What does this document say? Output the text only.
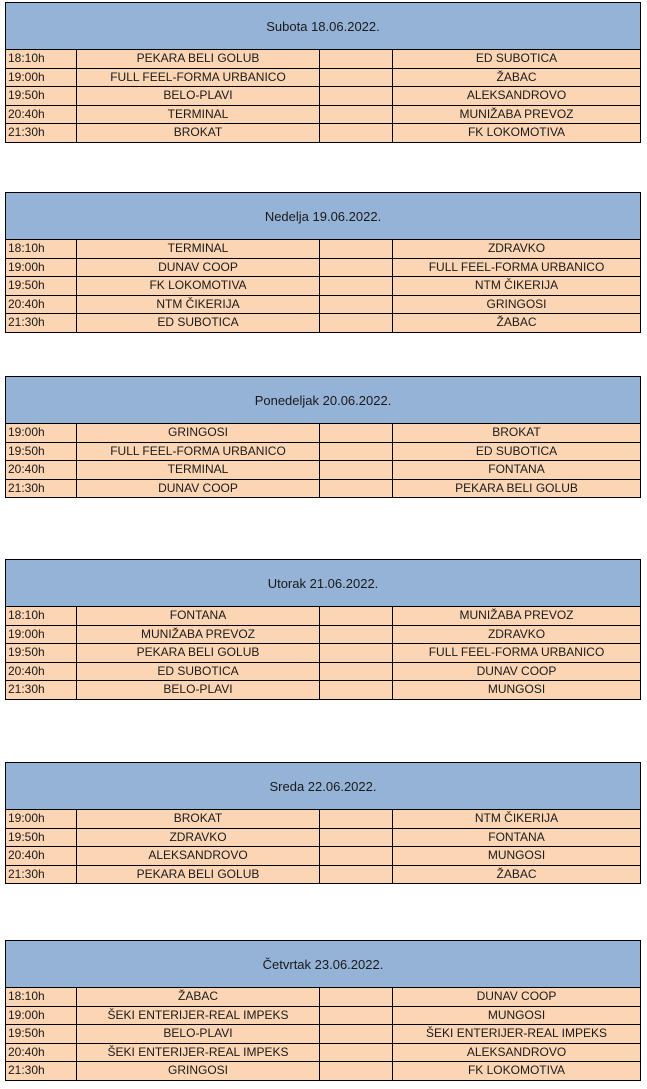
Subota 18.06.2022.
18:10h	PEKARA BELI GOLUB	ED SUBOTICA
19:00h	FULL FEEL-FORMA URBANICO	ŽABAC
19:50h	BELO-PLAVI	ALEKSANDROVO
20:40h	TERMINAL	MUNIŽABA PREVOZ
21:30h	BROKAT	FK LOKOMOTIVA
Nedelja 19.06.2022.
18:10h	TERMINAL	ZDRAVKO
19:00h	DUNAV COOP	FULL FEEL-FORMA URBANICO
19:50h	FK LOKOMOTIVA	NTM ČIKERIJA
20:40h	NTM ČIKERIJA	GRINGOSI
21:30h	ED SUBOTICA	ŽABAC
Ponedeljak 20.06.2022.
19:00h	GRINGOSI	BROKAT
19:50h	FULL FEEL-FORMA URBANICO	ED SUBOTICA
20:40h	TERMINAL	FONTANA
21:30h	DUNAV COOP	PEKARA BELI GOLUB
Utorak 21.06.2022.
18:10h	FONTANA	MUNIŽABA PREVOZ
19:00h	MUNIŽABA PREVOZ	ZDRAVKO
19:50h	PEKARA BELI GOLUB	FULL FEEL-FORMA URBANICO
20:40h	ED SUBOTICA	DUNAV COOP
21:30h	BELO-PLAVI	MUNGOSI
Sreda 22.06.2022.
19:00h	BROKAT	NTM ČIKERIJA
19:50h	ZDRAVKO	FONTANA
20:40h	ALEKSANDROVO	MUNGOSI
21:30h	PEKARA BELI GOLUB	ŽABAC
Četvrtak 23.06.2022.
18:10h	ŽABAC	DUNAV COOP
19:00h	ŠEKI ENTERIJER-REAL IMPEKS	MUNGOSI
19:50h	BELO-PLAVI	ŠEKI ENTERIJER-REAL IMPEKS
20:40h	ŠEKI ENTERIJER-REAL IMPEKS	ALEKSANDROVO
21:30h	GRINGOSI	FK LOKOMOTIVA
